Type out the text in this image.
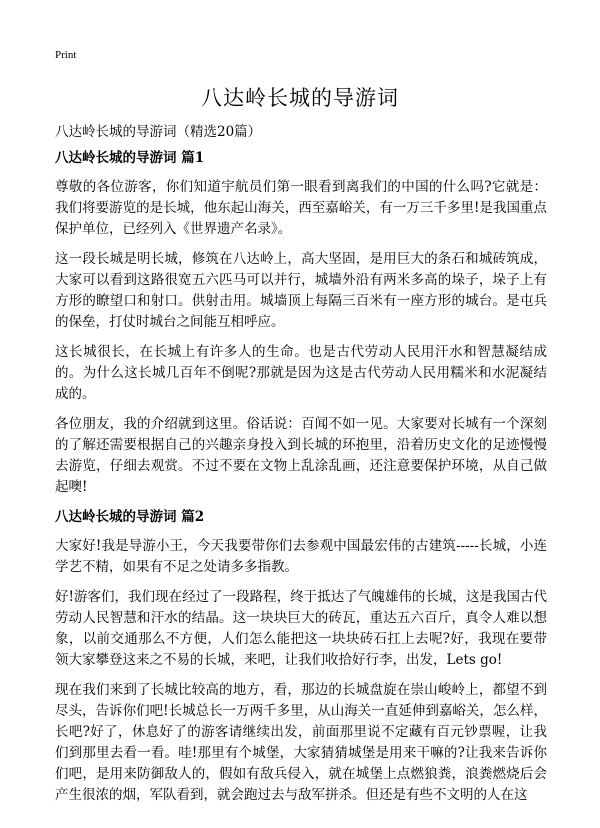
Print
八达岭长城的导游词

八达岭长城的导游词（精选20篇）

八达岭长城的导游词 篇1

尊敬的各位游客，你们知道宇航员们第一眼看到离我们的中国的什么吗?它就是：我们将要游览的是长城，他东起山海关，西至嘉峪关，有一万三千多里!是我国重点保护单位，已经列入《世界遗产名录》。

这一段长城是明长城，修筑在八达岭上，高大坚固，是用巨大的条石和城砖筑成，大家可以看到这路很宽五六匹马可以并行，城墙外沿有两米多高的垛子，垛子上有方形的瞭望口和射口。供射击用。城墙顶上每隔三百米有一座方形的城台。是屯兵的保垒，打仗时城台之间能互相呼应。

这长城很长，在长城上有许多人的生命。也是古代劳动人民用汗水和智慧凝结成的。为什么这长城几百年不倒呢?那就是因为这是古代劳动人民用糯米和水泥凝结成的。

各位朋友，我的介绍就到这里。俗话说：百闻不如一见。大家要对长城有一个深刻的了解还需要根据自己的兴趣亲身投入到长城的环抱里，沿着历史文化的足迹慢慢去游览，仔细去观赏。不过不要在文物上乱涂乱画，还注意要保护环境，从自己做起噢!

八达岭长城的导游词 篇2

大家好!我是导游小王，今天我要带你们去参观中国最宏伟的古建筑-----长城，小连学艺不精，如果有不足之处请多多指教。

好!游客们，我们现在经过了一段路程，终于抵达了气魄雄伟的长城，这是我国古代劳动人民智慧和汗水的结晶。这一块块巨大的砖瓦，重达五六百斤，真令人难以想象，以前交通那么不方便，人们怎么能把这一块块砖石扛上去呢?好，我现在要带领大家攀登这来之不易的长城，来吧，让我们收拾好行李，出发，Lets go!

现在我们来到了长城比较高的地方，看，那边的长城盘旋在崇山峻岭上，都望不到尽头，告诉你们吧!长城总长一万两千多里，从山海关一直延伸到嘉峪关，怎么样，长吧?好了，休息好了的游客请继续出发，前面那里说不定藏有百元钞票喔，让我们到那里去看一看。哇!那里有个城堡，大家猜猜城堡是用来干嘛的?让我来告诉你们吧，是用来防御敌人的，假如有敌兵侵入，就在城堡上点燃狼粪，浪粪燃烧后会产生很浓的烟，军队看到，就会跑过去与敌军拼杀。但还是有些不文明的人在这
